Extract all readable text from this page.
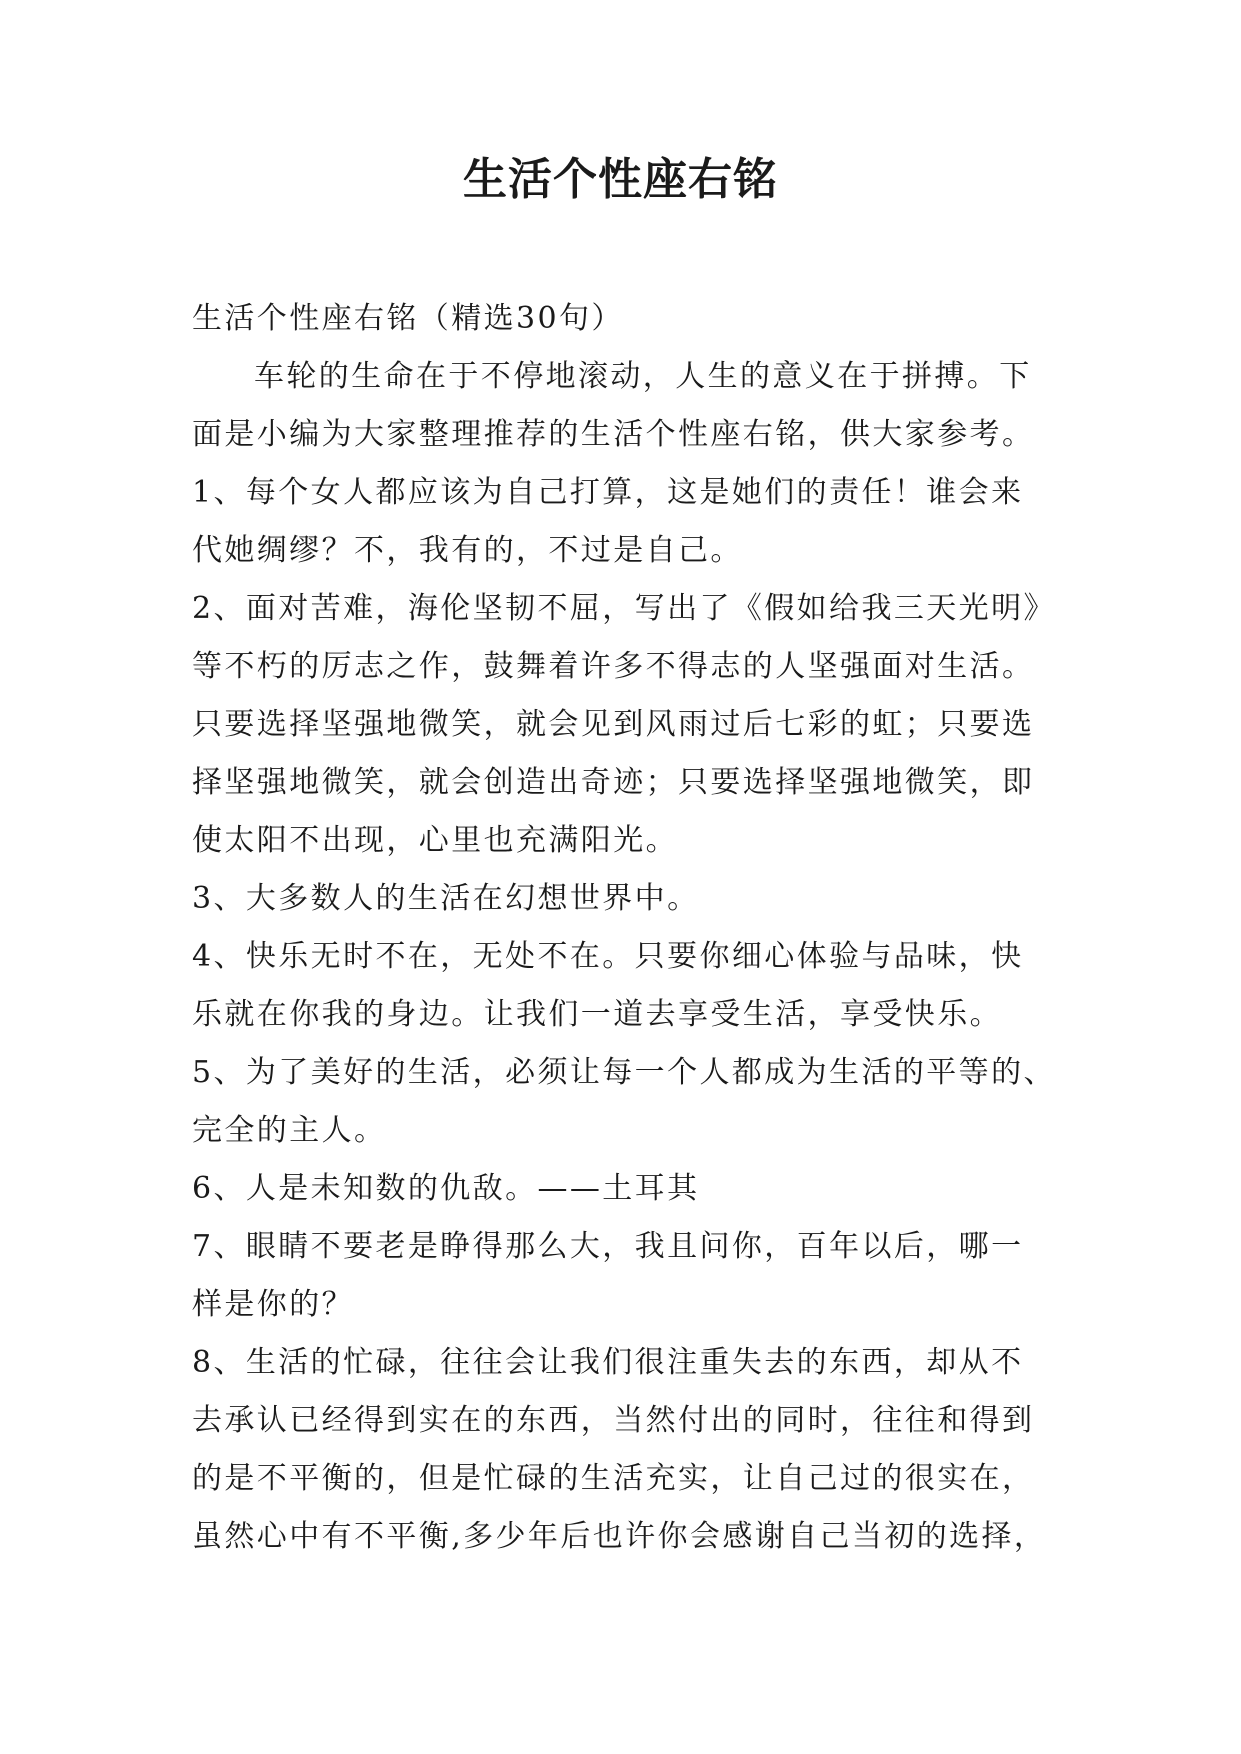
生活个性座右铭
生活个性座右铭（精选30句）
车轮的生命在于不停地滚动，人生的意义在于拼搏。下
面是小编为大家整理推荐的生活个性座右铭，供大家参考。
1、每个女人都应该为自己打算，这是她们的责任！谁会来
代她绸缪？不，我有的，不过是自己。
2、面对苦难，海伦坚韧不屈，写出了《假如给我三天光明》
等不朽的厉志之作，鼓舞着许多不得志的人坚强面对生活。
只要选择坚强地微笑，就会见到风雨过后七彩的虹；只要选
择坚强地微笑，就会创造出奇迹；只要选择坚强地微笑，即
使太阳不出现，心里也充满阳光。
3、大多数人的生活在幻想世界中。
4、快乐无时不在，无处不在。只要你细心体验与品味，快
乐就在你我的身边。让我们一道去享受生活，享受快乐。
5、为了美好的生活，必须让每一个人都成为生活的平等的、
完全的主人。
6、人是未知数的仇敌。——土耳其
7、眼睛不要老是睁得那么大，我且问你，百年以后，哪一
样是你的？
8、生活的忙碌，往往会让我们很注重失去的东西，却从不
去承认已经得到实在的东西，当然付出的同时，往往和得到
的是不平衡的，但是忙碌的生活充实，让自己过的很实在，
虽然心中有不平衡,多少年后也许你会感谢自己当初的选择，
